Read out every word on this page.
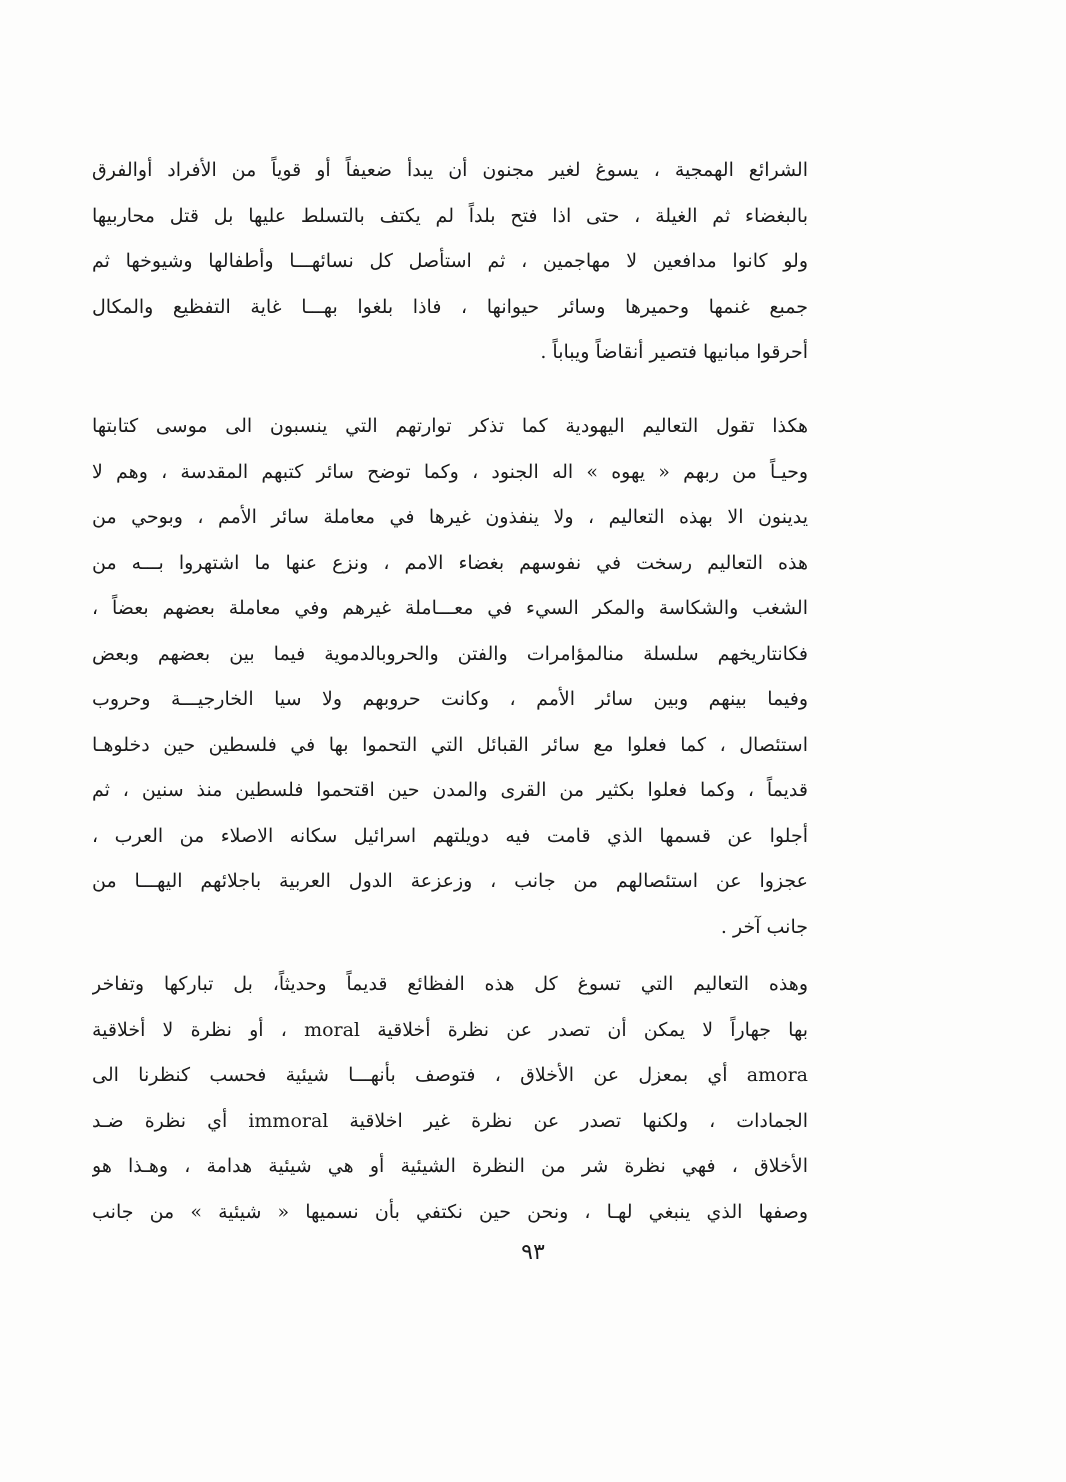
الشرائع الهمجية ، يسوغ لغير مجنون أن يبدأ ضعيفاً أو قوياً من الأفراد أوالفرق
بالبغضاء ثم الغيلة ، حتى اذا فتح بلداً لم يكتف بالتسلط عليها بل قتل محاربيها
ولو كانوا مدافعين لا مهاجمين ، ثم استأصل كل نسائهـــا وأطفالها وشيوخها ثم
جمبع غنمها وحميرها وسائر حيوانها ، فاذا بلغوا بهـــا غاية التفظيع والمكال
أحرقوا مبانيها فتصير أنقاضاً ويباباً .
هكذا تقول التعاليم اليهودية كما تذكر توارتهم التي ينسبون الى موسى كتابتها
وحيـاً من ربهم « يهوه » اله الجنود ، وكما توضح سائر كتبهم المقدسة ، وهم لا
يدينون الا بهذه التعاليم ، ولا ينفذون غيرها في معاملة سائر الأمم ، وبوحي من
هذه التعاليم رسخت في نفوسهم بغضاء الامم ، ونزع عنها ما اشتهروا بـــه من
الشغب والشكاسة والمكر السيء في معـــاملة غيرهم وفي معاملة بعضهم بعضاً ،
فكانتاريخهم سلسلة منالمؤامرات والفتن والحروبالدموية فيما بين بعضهم وبعض
وفيما بينهم وبين سائر الأمم ، وكانت حروبهم ولا سيا الخارجيـــة وحروب
استئصال ، كما فعلوا مع سائر القبائل التي التحموا بها في فلسطين حين دخلوهـا
قديماً ، وكما فعلوا بكثير من القرى والمدن حين اقتحموا فلسطين منذ سنين ، ثم
أجلوا عن قسمها الذي قامت فيه دويلتهم اسرائيل سكانه الاصلاء من العرب ،
عجزوا عن استئصالهم من جانب ، وزعزعة الدول العربية باجلائهم اليهـــا من
جانب آخر .
وهذه التعاليم التي تسوغ كل هذه الفظائع قديماً وحديثاً، بل تباركها وتفاخر
بها جهاراً لا يمكن أن تصدر عن نظرة أخلاقية moral ، أو نظرة لا أخلاقية
amora أي بمعزل عن الأخلاق ، فتوصف بأنهـــا شيئية فحسب كنظرنا الى
الجمادات ، ولكنها تصدر عن نظرة غير اخلاقية immoral أي نظرة ضـد
الأخلاق ، فهي نظرة شر من النظرة الشيئية أو هي شيئية هدامة ، وهـذا هو
وصفها الذي ينبغي لهـا ، ونحن حين نكتفي بأن نسميها « شيئية » من جانب
٩٣
